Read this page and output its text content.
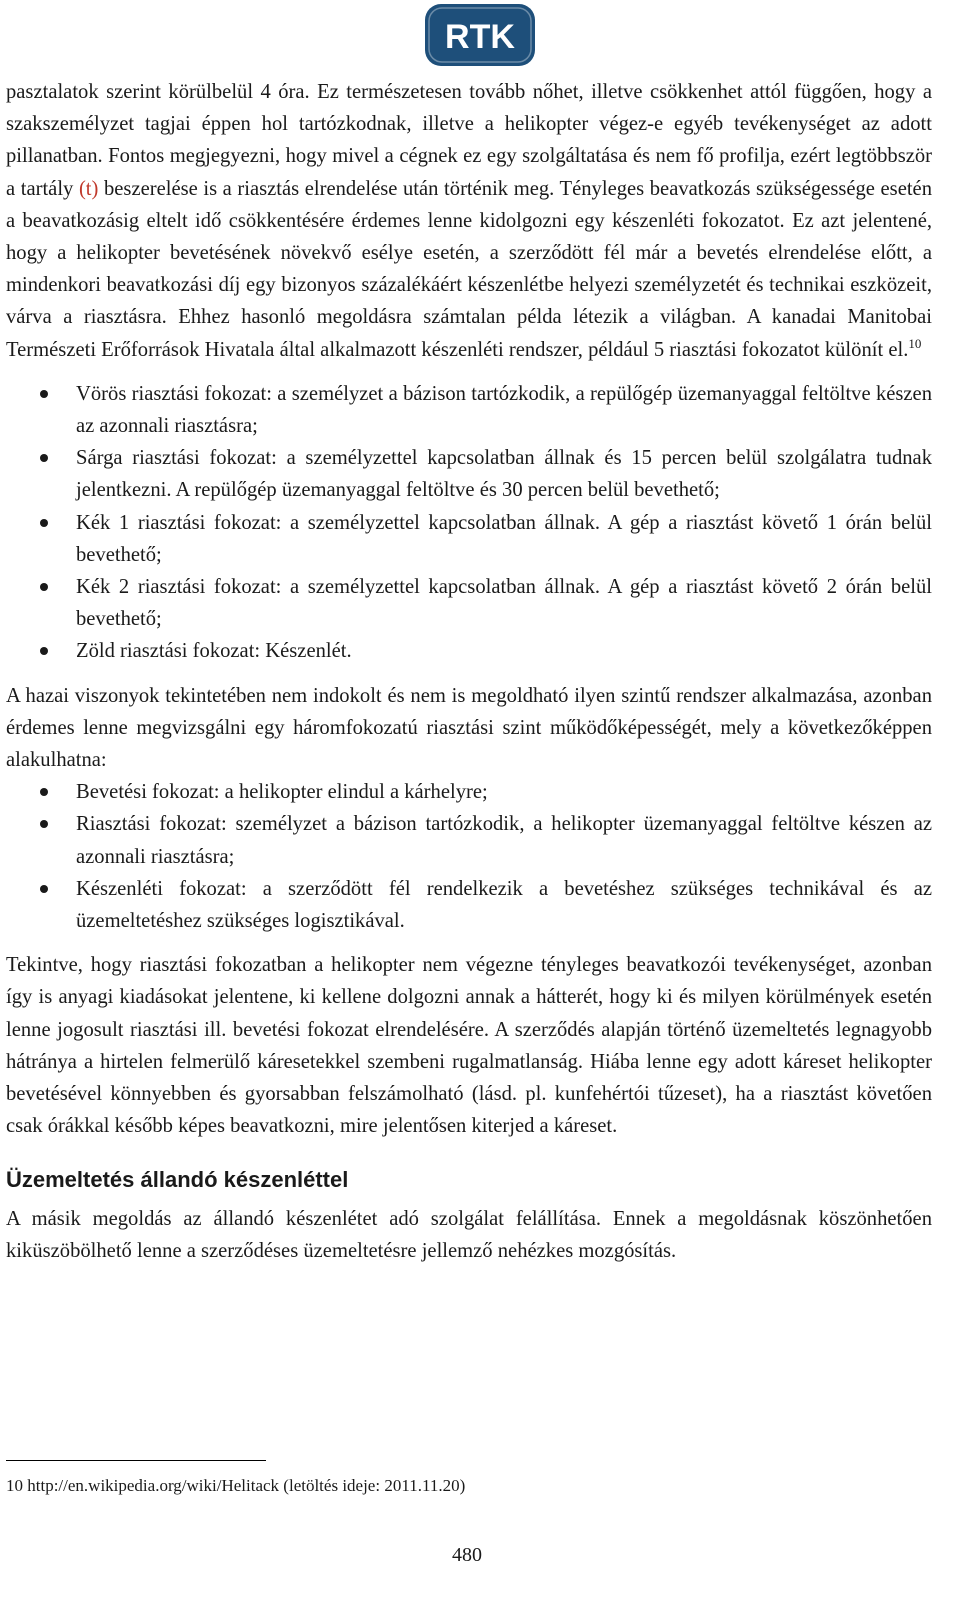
RTK

pasztalatok szerint körülbelül 4 óra. Ez természetesen tovább nőhet, illetve csökkenhet attól függően, hogy a szakszemélyzet tagjai éppen hol tartózkodnak, illetve a helikopter végez-e egyéb tevékenységet az adott pillanatban. Fontos megjegyezni, hogy mivel a cégnek ez egy szolgáltatása és nem fő profilja, ezért legtöbbször a tartály (t) beszerelése is a riasztás elrendelése után történik meg. Tényleges beavatkozás szükségessége esetén a beavatkozásig eltelt idő csökkentésére érdemes lenne kidolgozni egy készenléti fokozatot. Ez azt jelentené, hogy a helikopter bevetésének növekvő esélye esetén, a szerződött fél már a bevetés elrendelése előtt, a mindenkori beavatkozási díj egy bizonyos százalékáért készenlétbe helyezi személyzetét és technikai eszközeit, várva a riasztásra. Ehhez hasonló megoldásra számtalan példa létezik a világban. A kanadai Manitobai Természeti Erőforrások Hivatala által alkalmazott készenléti rendszer, például 5 riasztási fokozatot különít el.$^{10}$

Vörös riasztási fokozat: a személyzet a bázison tartózkodik, a repülőgép üzemanyaggal feltöltve készen az azonnali riasztásra;
Sárga riasztási fokozat: a személyzettel kapcsolatban állnak és 15 percen belül szolgálatra tudnak jelentkezni. A repülőgép üzemanyaggal feltöltve és 30 percen belül bevethető;
Kék 1 riasztási fokozat: a személyzettel kapcsolatban állnak. A gép a riasztást követő 1 órán belül bevethető;
Kék 2 riasztási fokozat: a személyzettel kapcsolatban állnak. A gép a riasztást követő 2 órán belül bevethető;
Zöld riasztási fokozat: Készenlét.

A hazai viszonyok tekintetében nem indokolt és nem is megoldható ilyen szintű rendszer alkalmazása, azonban érdemes lenne megvizsgálni egy háromfokozatú riasztási szint működőképességét, mely a következőképpen alakulhatna:

Bevetési fokozat: a helikopter elindul a kárhelyre;
Riasztási fokozat: személyzet a bázison tartózkodik, a helikopter üzemanyaggal feltöltve készen az azonnali riasztásra;
Készenléti fokozat: a szerződött fél rendelkezik a bevetéshez szükséges technikával és az üzemeltetéshez szükséges logisztikával.

Tekintve, hogy riasztási fokozatban a helikopter nem végezne tényleges beavatkozói tevékenységet, azonban így is anyagi kiadásokat jelentene, ki kellene dolgozni annak a hátterét, hogy ki és milyen körülmények esetén lenne jogosult riasztási ill. bevetési fokozat elrendelésére. A szerződés alapján történő üzemeltetés legnagyobb hátránya a hirtelen felmerülő káresetekkel szembeni rugalmatlanság. Hiába lenne egy adott káreset helikopter bevetésével könnyebben és gyorsabban felszámolható (lásd. pl. kunfehértói tűzeset), ha a riasztást követően csak órákkal később képes beavatkozni, mire jelentősen kiterjed a káreset.

Üzemeltetés állandó készenléttel

A másik megoldás az állandó készenlétet adó szolgálat felállítása. Ennek a megoldásnak köszönhetően kiküszöbölhető lenne a szerződéses üzemeltetésre jellemző nehézkes mozgósítás.

10 http://en.wikipedia.org/wiki/Helitack (letöltés ideje: 2011.11.20)
480
